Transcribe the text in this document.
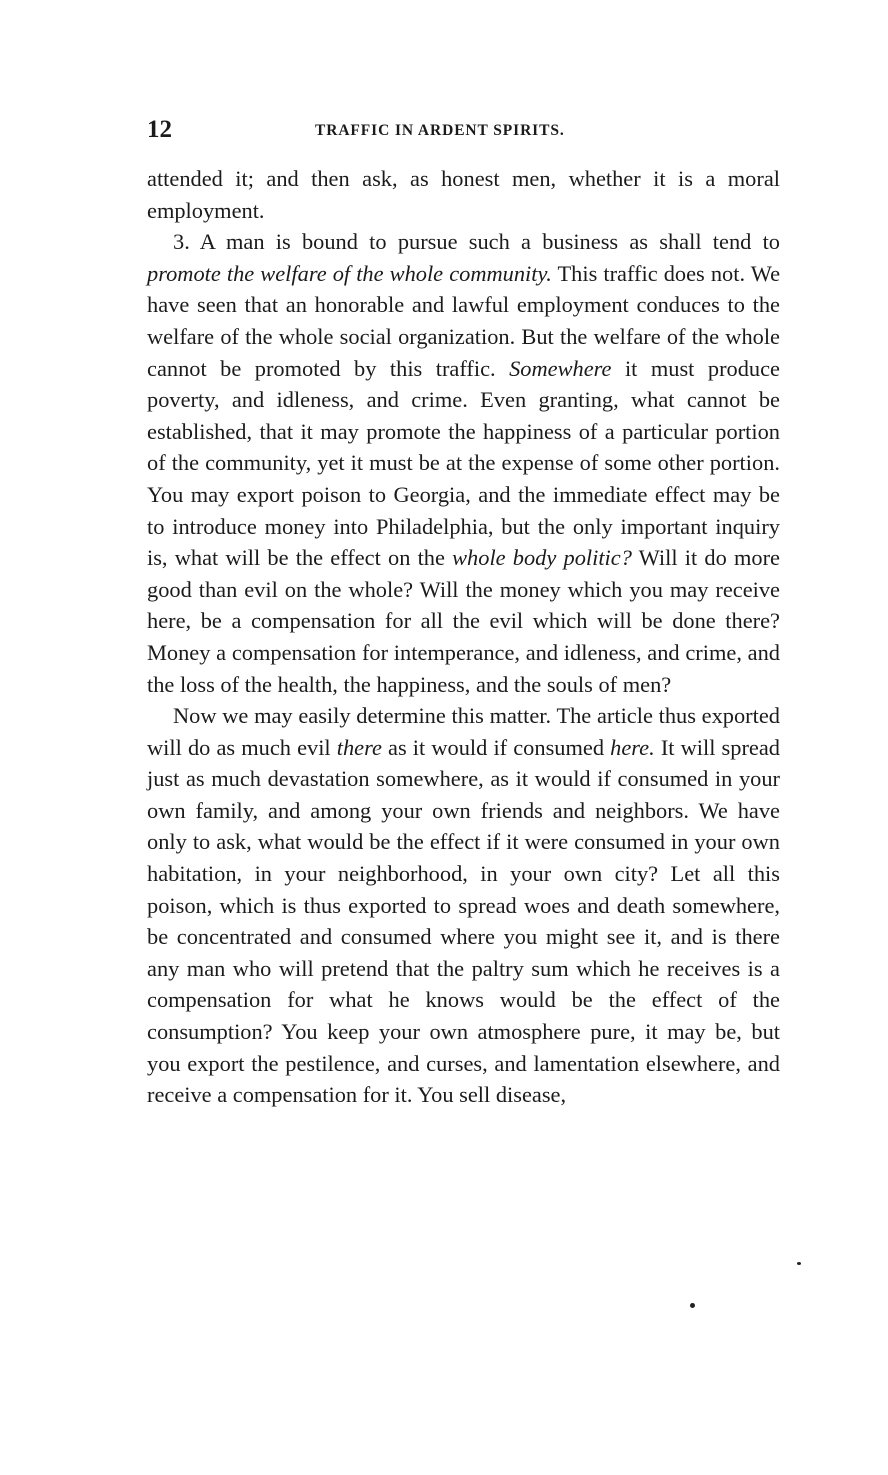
12	TRAFFIC IN ARDENT SPIRITS.

attended it; and then ask, as honest men, whether it is a moral employment.

3. A man is bound to pursue such a business as shall tend to promote the welfare of the whole community. This traffic does not. We have seen that an honorable and lawful employment conduces to the welfare of the whole social organization. But the welfare of the whole cannot be promoted by this traffic. Somewhere it must produce poverty, and idleness, and crime. Even granting, what cannot be established, that it may promote the happiness of a particular portion of the community, yet it must be at the expense of some other portion. You may export poison to Georgia, and the immediate effect may be to introduce money into Philadelphia, but the only important inquiry is, what will be the effect on the whole body politic? Will it do more good than evil on the whole? Will the money which you may receive here, be a compensation for all the evil which will be done there? Money a compensation for intemperance, and idleness, and crime, and the loss of the health, the happiness, and the souls of men?

Now we may easily determine this matter. The article thus exported will do as much evil there as it would if consumed here. It will spread just as much devastation somewhere, as it would if consumed in your own family, and among your own friends and neighbors. We have only to ask, what would be the effect if it were consumed in your own habitation, in your neighborhood, in your own city? Let all this poison, which is thus exported to spread woes and death somewhere, be concentrated and consumed where you might see it, and is there any man who will pretend that the paltry sum which he receives is a compensation for what he knows would be the effect of the consumption? You keep your own atmosphere pure, it may be, but you export the pestilence, and curses, and lamentation elsewhere, and receive a compensation for it. You sell disease,
